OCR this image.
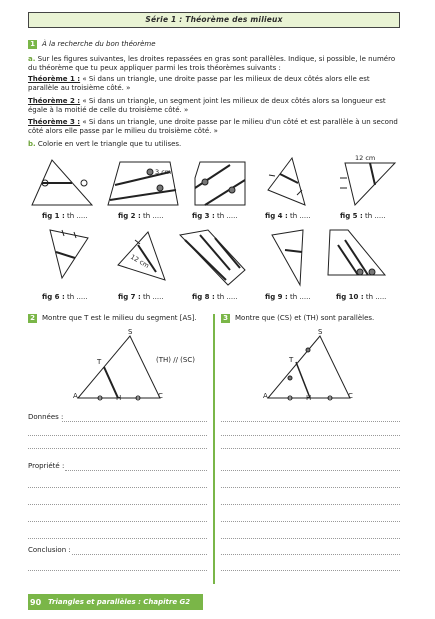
Série 1 : Théorème des milieux
1 À la recherche du bon théorème
a. Sur les figures suivantes, les droites repassées en gras sont parallèles. Indique, si possible, le numéro du théorème que tu peux appliquer parmi les trois théorèmes suivants :
Théorème 1 : « Si dans un triangle, une droite passe par les milieux de deux côtés alors elle est parallèle au troisième côté. »
Théorème 2 : « Si dans un triangle, un segment joint les milieux de deux côtés alors sa longueur est égale à la moitié de celle du troisième côté. »
Théorème 3 : « Si dans un triangle, une droite passe par le milieu d'un côté et est parallèle à un second côté alors elle passe par le milieu du troisième côté. »
b. Colorie en vert le triangle que tu utilises.
3 cm
12 cm
12 cm
fig 1 : th .....	fig 2 : th .....	fig 3 : th .....	fig 4 : th .....	fig 5 : th .....
fig 6 : th .....	fig 7 : th .....	fig 8 : th .....	fig 9 : th .....	fig 10 : th .....
2 Montre que T est le milieu du segment [AS].
(TH) // (SC)
S
T
A	H	C
Données :
Propriété :
Conclusion :
3 Montre que (CS) et (TH) sont parallèles.
S
T
A	H	C
90 Triangles et parallèles : Chapitre G2
